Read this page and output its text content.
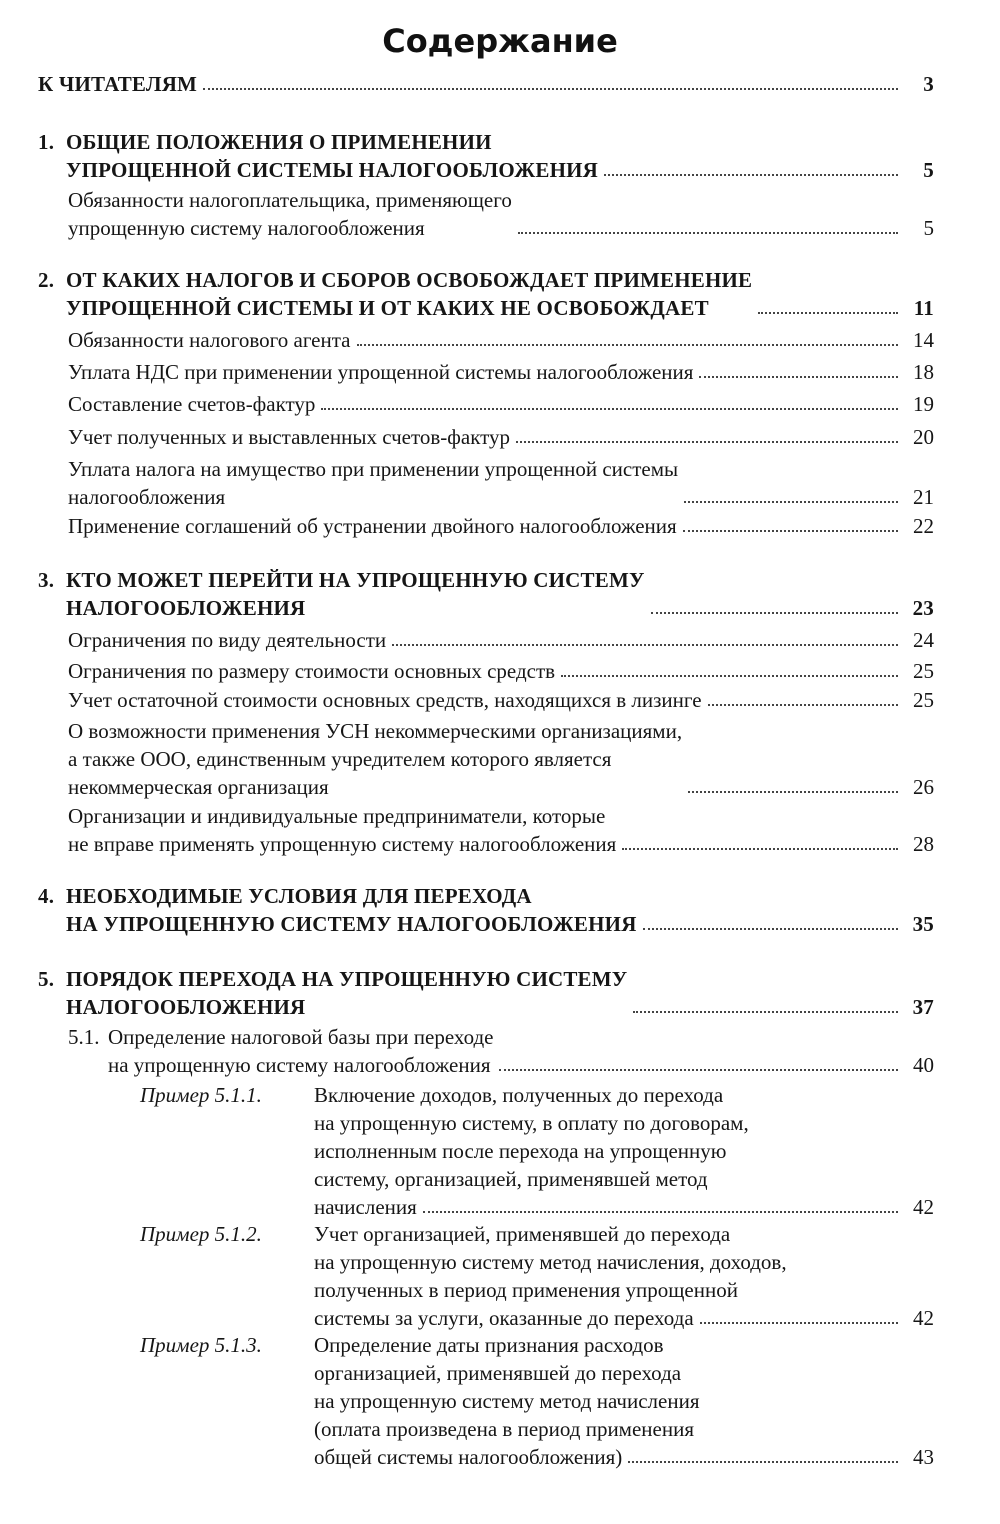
Содержание
К ЧИТАТЕЛЯМ	3
1. ОБЩИЕ ПОЛОЖЕНИЯ О ПРИМЕНЕНИИ
УПРОЩЕННОЙ СИСТЕМЫ НАЛОГООБЛОЖЕНИЯ	5
Обязанности налогоплательщика, применяющего
упрощенную систему налогообложения	5
2. ОТ КАКИХ НАЛОГОВ И СБОРОВ ОСВОБОЖДАЕТ ПРИМЕНЕНИЕ
УПРОЩЕННОЙ СИСТЕМЫ И ОТ КАКИХ НЕ ОСВОБОЖДАЕТ	11
Обязанности налогового агента	14
Уплата НДС при применении упрощенной системы налогообложения	18
Составление счетов-фактур	19
Учет полученных и выставленных счетов-фактур	20
Уплата налога на имущество при применении упрощенной системы
налогообложения	21
Применение соглашений об устранении двойного налогообложения	22
3. КТО МОЖЕТ ПЕРЕЙТИ НА УПРОЩЕННУЮ СИСТЕМУ
НАЛОГООБЛОЖЕНИЯ	23
Ограничения по виду деятельности	24
Ограничения по размеру стоимости основных средств	25
Учет остаточной стоимости основных средств, находящихся в лизинге	25
О возможности применения УСН некоммерческими организациями,
а также ООО, единственным учредителем которого является
некоммерческая организация	26
Организации и индивидуальные предприниматели, которые
не вправе применять упрощенную систему налогообложения	28
4. НЕОБХОДИМЫЕ УСЛОВИЯ ДЛЯ ПЕРЕХОДА
НА УПРОЩЕННУЮ СИСТЕМУ НАЛОГООБЛОЖЕНИЯ	35
5. ПОРЯДОК ПЕРЕХОДА НА УПРОЩЕННУЮ СИСТЕМУ
НАЛОГООБЛОЖЕНИЯ	37
5.1. Определение налоговой базы при переходе
на упрощенную систему налогообложения	40
Пример 5.1.1.	Включение доходов, полученных до перехода
на упрощенную систему, в оплату по договорам,
исполненным после перехода на упрощенную
систему, организацией, применявшей метод
начисления	42
Пример 5.1.2.	Учет организацией, применявшей до перехода
на упрощенную систему метод начисления, доходов,
полученных в период применения упрощенной
системы за услуги, оказанные до перехода	42
Пример 5.1.3.	Определение даты признания расходов
организацией, применявшей до перехода
на упрощенную систему метод начисления
(оплата произведена в период применения
общей системы налогообложения)	43
